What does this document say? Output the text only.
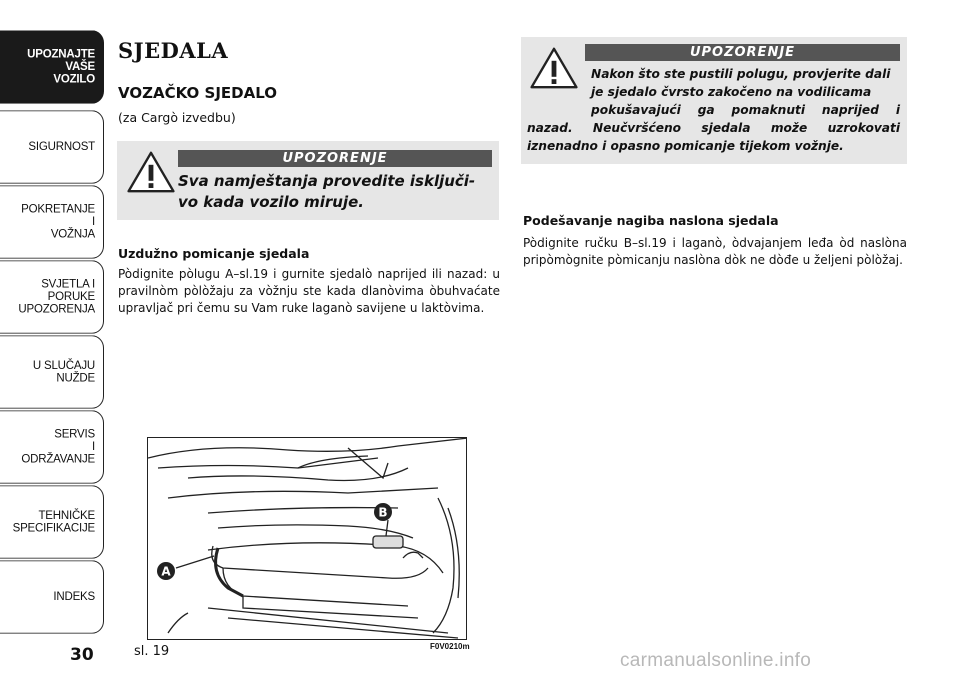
UPOZNAJTE
VAŠE
VOZILO
SIGURNOST
POKRETANJE
I
VOŽNJA
SVJETLA I
PORUKE
UPOZORENJA
U SLUČAJU
NUŽDE
SERVIS
I
ODRŽAVANJE
TEHNIČKE
SPECIFIKACIJE
INDEKS
30
SJEDALA
VOZAČKO SJEDALO
(za Cargò izvedbu)
UPOZORENJE
Sva namještanja provedite isključi-
vo kada vozilo miruje.
Uzdužno pomicanje sjedala
Pòdignite pòlugu A–sl.19 i gurnite sjedalò naprijed ili nazad: u pravilnòm pòlòžaju za vòžnju ste kada dlanòvima òbuhvaćate upravljač pri čemu su Vam ruke laganò savijene u laktòvima.
A
B
sl. 19	F0V0210m
UPOZORENJE
Nakon što ste pustili polugu, provjerite dali
je sjedalo čvrsto zakočeno na vodilicama
pokušavajući ga pomaknuti naprijed i
nazad. Neučvršćeno sjedala može uzrokovati
iznenadno i opasno pomicanje tijekom vožnje.
Podešavanje nagiba naslona sjedala
Pòdignite ručku B–sl.19 i laganò, òdvajanjem leđa òd naslòna pripòmògnite pòmicanju naslòna dòk ne dòđe u željeni pòlòžaj.
carmanualsonline.info
